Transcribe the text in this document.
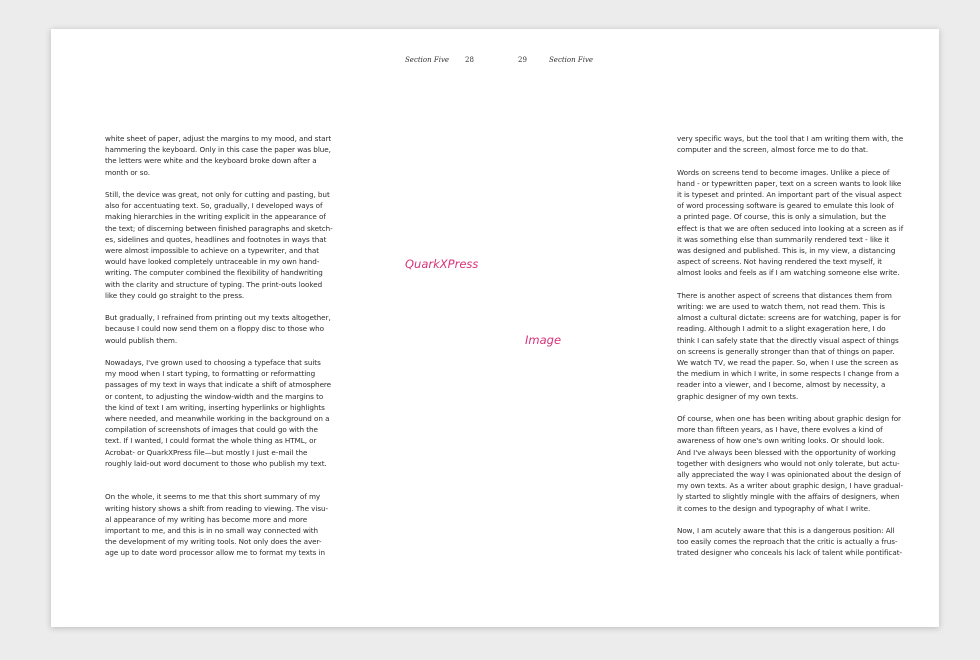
Section Five 28	29	Section Five

white sheet of paper, adjust the margins to my mood, and start
hammering the keyboard. Only in this case the paper was blue,
the letters were white and the keyboard broke down after a
month or so.

Still, the device was great, not only for cutting and pasting, but
also for accentuating text. So, gradually, I developed ways of
making hierarchies in the writing explicit in the appearance of
the text; of discerning between finished paragraphs and sketch-
es, sidelines and quotes, headlines and footnotes in ways that
were almost impossible to achieve on a typewriter, and that
would have looked completely untraceable in my own hand-
writing. The computer combined the flexibility of handwriting
with the clarity and structure of typing. The print-outs looked
like they could go straight to the press.

But gradually, I refrained from printing out my texts altogether,
because I could now send them on a floppy disc to those who
would publish them.

Nowadays, I've grown used to choosing a typeface that suits
my mood when I start typing, to formatting or reformatting
passages of my text in ways that indicate a shift of atmosphere
or content, to adjusting the window-width and the margins to
the kind of text I am writing, inserting hyperlinks or highlights
where needed, and meanwhile working in the background on a
compilation of screenshots of images that could go with the
text. If I wanted, I could format the whole thing as HTML, or
Acrobat- or QuarkXPress file—but mostly I just e-mail the
roughly laid-out word document to those who publish my text.

On the whole, it seems to me that this short summary of my
writing history shows a shift from reading to viewing. The visu-
al appearance of my writing has become more and more
important to me, and this is in no small way connected with
the development of my writing tools. Not only does the aver-
age up to date word processor allow me to format my texts in

very specific ways, but the tool that I am writing them with, the
computer and the screen, almost force me to do that.

Words on screens tend to become images. Unlike a piece of
hand - or typewritten paper, text on a screen wants to look like
it is typeset and printed. An important part of the visual aspect
of word processing software is geared to emulate this look of
a printed page. Of course, this is only a simulation, but the
effect is that we are often seduced into looking at a screen as if
it was something else than summarily rendered text - like it
was designed and published. This is, in my view, a distancing
aspect of screens. Not having rendered the text myself, it
almost looks and feels as if I am watching someone else write.

There is another aspect of screens that distances them from
writing: we are used to watch them, not read them. This is
almost a cultural dictate: screens are for watching, paper is for
reading. Although I admit to a slight exageration here, I do
think I can safely state that the directly visual aspect of things
on screens is generally stronger than that of things on paper.
We watch TV, we read the paper. So, when I use the screen as
the medium in which I write, in some respects I change from a
reader into a viewer, and I become, almost by necessity, a
graphic designer of my own texts.

Of course, when one has been writing about graphic design for
more than fifteen years, as I have, there evolves a kind of
awareness of how one's own writing looks. Or should look.
And I've always been blessed with the opportunity of working
together with designers who would not only tolerate, but actu-
ally appreciated the way I was opinionated about the design of
my own texts. As a writer about graphic design, I have gradual-
ly started to slightly mingle with the affairs of designers, when
it comes to the design and typography of what I write.

Now, I am acutely aware that this is a dangerous position: All
too easily comes the reproach that the critic is actually a frus-
trated designer who conceals his lack of talent while pontificat-

QuarkXPress
Image
